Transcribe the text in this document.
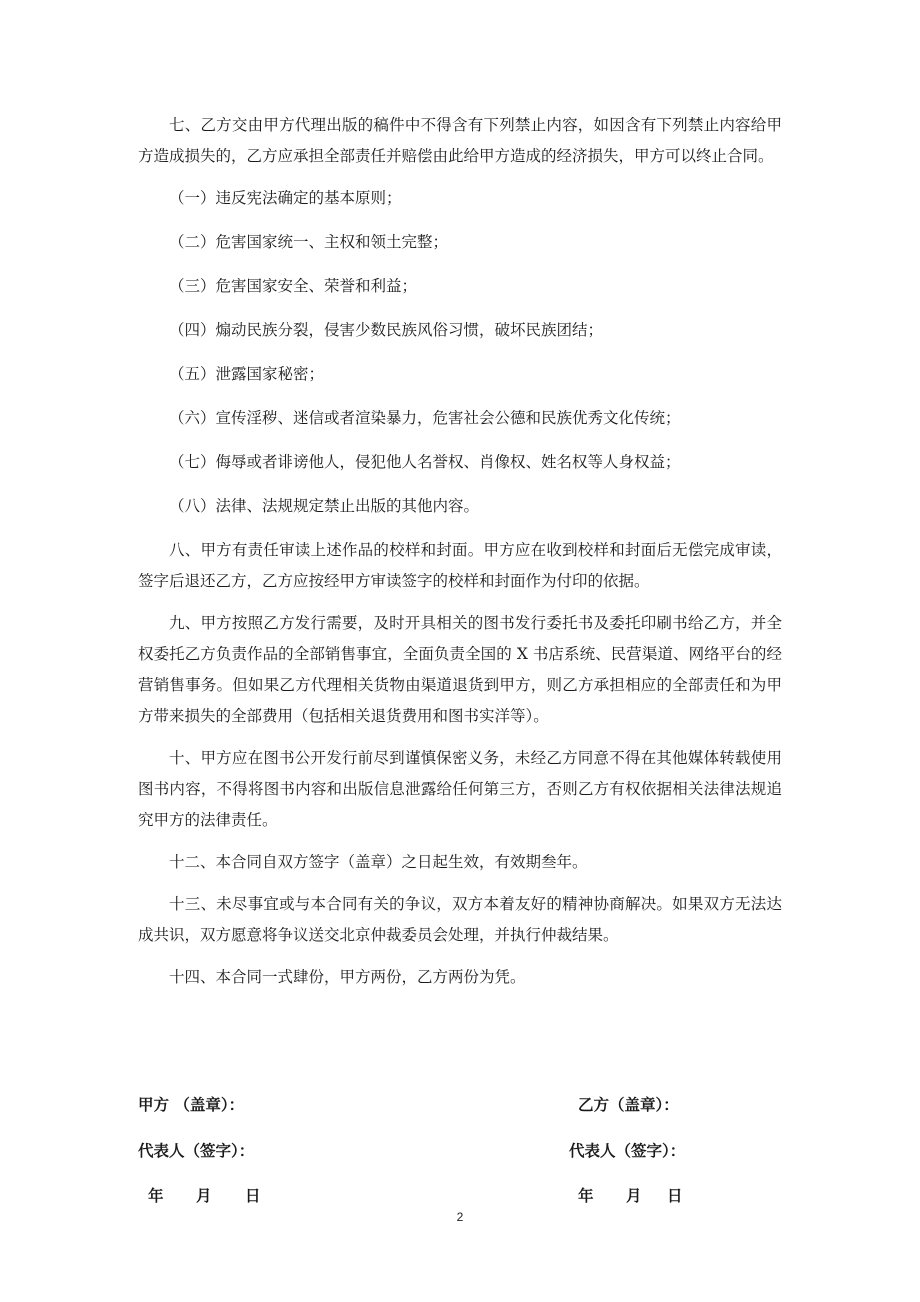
七、乙方交由甲方代理出版的稿件中不得含有下列禁止内容，如因含有下列禁止内容给甲方造成损失的，乙方应承担全部责任并赔偿由此给甲方造成的经济损失，甲方可以终止合同。

（一）违反宪法确定的基本原则；

（二）危害国家统一、主权和领土完整；

（三）危害国家安全、荣誉和利益；

（四）煽动民族分裂，侵害少数民族风俗习惯，破坏民族团结；

（五）泄露国家秘密；

（六）宣传淫秽、迷信或者渲染暴力，危害社会公德和民族优秀文化传统；

（七）侮辱或者诽谤他人，侵犯他人名誉权、肖像权、姓名权等人身权益；

（八）法律、法规规定禁止出版的其他内容。

八、甲方有责任审读上述作品的校样和封面。甲方应在收到校样和封面后无偿完成审读，签字后退还乙方，乙方应按经甲方审读签字的校样和封面作为付印的依据。

九、甲方按照乙方发行需要，及时开具相关的图书发行委托书及委托印刷书给乙方，并全权委托乙方负责作品的全部销售事宜，全面负责全国的 X 书店系统、民营渠道、网络平台的经营销售事务。但如果乙方代理相关货物由渠道退货到甲方，则乙方承担相应的全部责任和为甲方带来损失的全部费用（包括相关退货费用和图书实洋等）。

十、甲方应在图书公开发行前尽到谨慎保密义务，未经乙方同意不得在其他媒体转载使用图书内容，不得将图书内容和出版信息泄露给任何第三方，否则乙方有权依据相关法律法规追究甲方的法律责任。

十二、本合同自双方签字（盖章）之日起生效，有效期叁年。

十三、未尽事宜或与本合同有关的争议，双方本着友好的精神协商解决。如果双方无法达成共识，双方愿意将争议送交北京仲裁委员会处理，并执行仲裁结果。

十四、本合同一式肆份，甲方两份，乙方两份为凭。

甲方 （盖章）：	乙方（盖章）：
代表人（签字）：	代表人（签字）：
年 月 日	年 月 日
2
